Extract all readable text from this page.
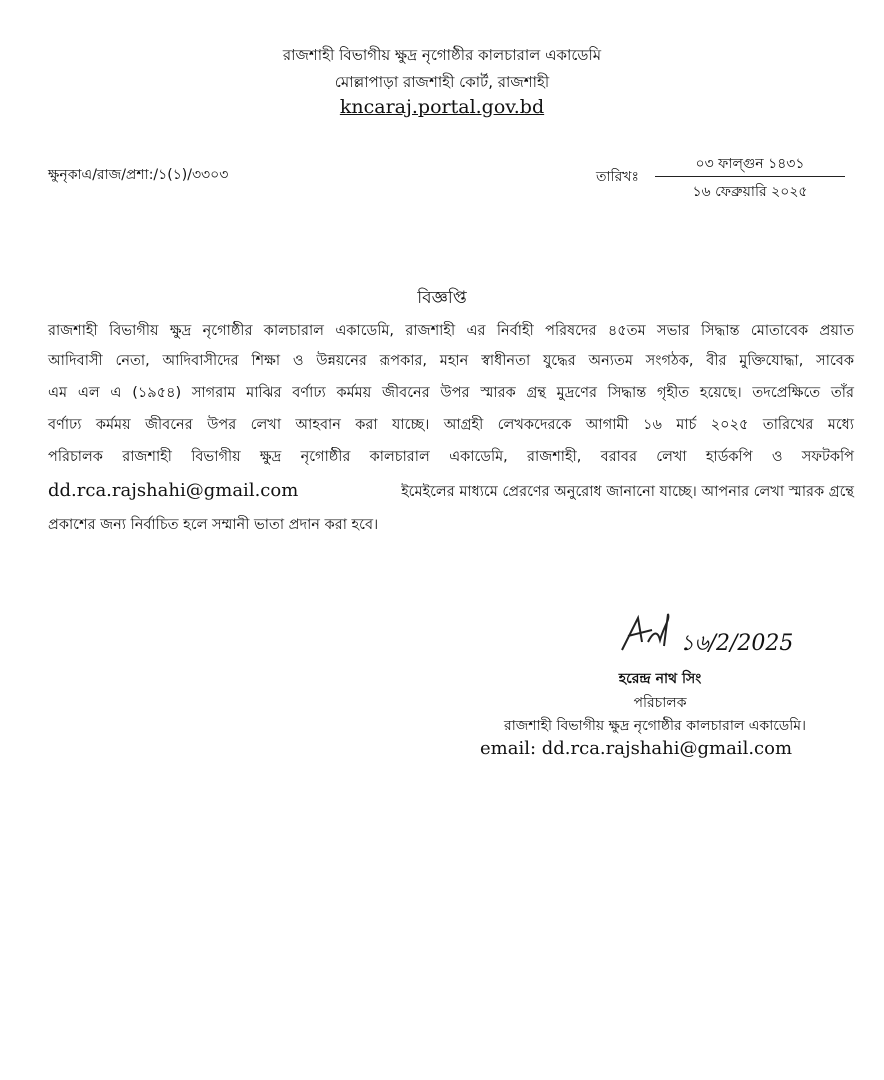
রাজশাহী বিভাগীয় ক্ষুদ্র নৃগোষ্ঠীর কালচারাল একাডেমি
মোল্লাপাড়া রাজশাহী কোর্ট, রাজশাহী
kncaraj.portal.gov.bd
ক্ষুনৃকাএ/রাজ/প্রশা:/১(১)/৩৩০৩	তারিখঃ
০৩ ফাল্গুন ১৪৩১
১৬ ফেব্রুয়ারি ২০২৫
বিজ্ঞপ্তি
রাজশাহী বিভাগীয় ক্ষুদ্র নৃগোষ্ঠীর কালচারাল একাডেমি, রাজশাহী এর নির্বাহী পরিষদের ৪৫তম সভার সিদ্ধান্ত মোতাবেক প্রয়াত
আদিবাসী নেতা, আদিবাসীদের শিক্ষা ও উন্নয়নের রূপকার, মহান স্বাধীনতা যুদ্ধের অন্যতম সংগঠক, বীর মুক্তিযোদ্ধা, সাবেক
এম এল এ (১৯৫৪) সাগরাম মাঝির বর্ণাঢ্য কর্মময় জীবনের উপর স্মারক গ্রন্থ মুদ্রণের সিদ্ধান্ত গৃহীত হয়েছে। তদপ্রেক্ষিতে তাঁর
বর্ণাঢ্য কর্মময় জীবনের উপর লেখা আহবান করা যাচ্ছে। আগ্রহী লেখকদেরকে আগামী ১৬ মার্চ ২০২৫ তারিখের মধ্যে
পরিচালক রাজশাহী বিভাগীয় ক্ষুদ্র নৃগোষ্ঠীর কালচারাল একাডেমি, রাজশাহী, বরাবর লেখা হার্ডকপি ও সফটকপি
dd.rca.rajshahi@gmail.com	ইমেইলের মাধ্যমে প্রেরণের অনুরোধ জানানো যাচ্ছে। আপনার লেখা স্মারক গ্রন্থে
প্রকাশের জন্য নির্বাচিত হলে সম্মানী ভাতা প্রদান করা হবে।
১৬/2/2025
হরেন্দ্র নাথ সিং
পরিচালক
রাজশাহী বিভাগীয় ক্ষুদ্র নৃগোষ্ঠীর কালচারাল একাডেমি।
email: dd.rca.rajshahi@gmail.com
